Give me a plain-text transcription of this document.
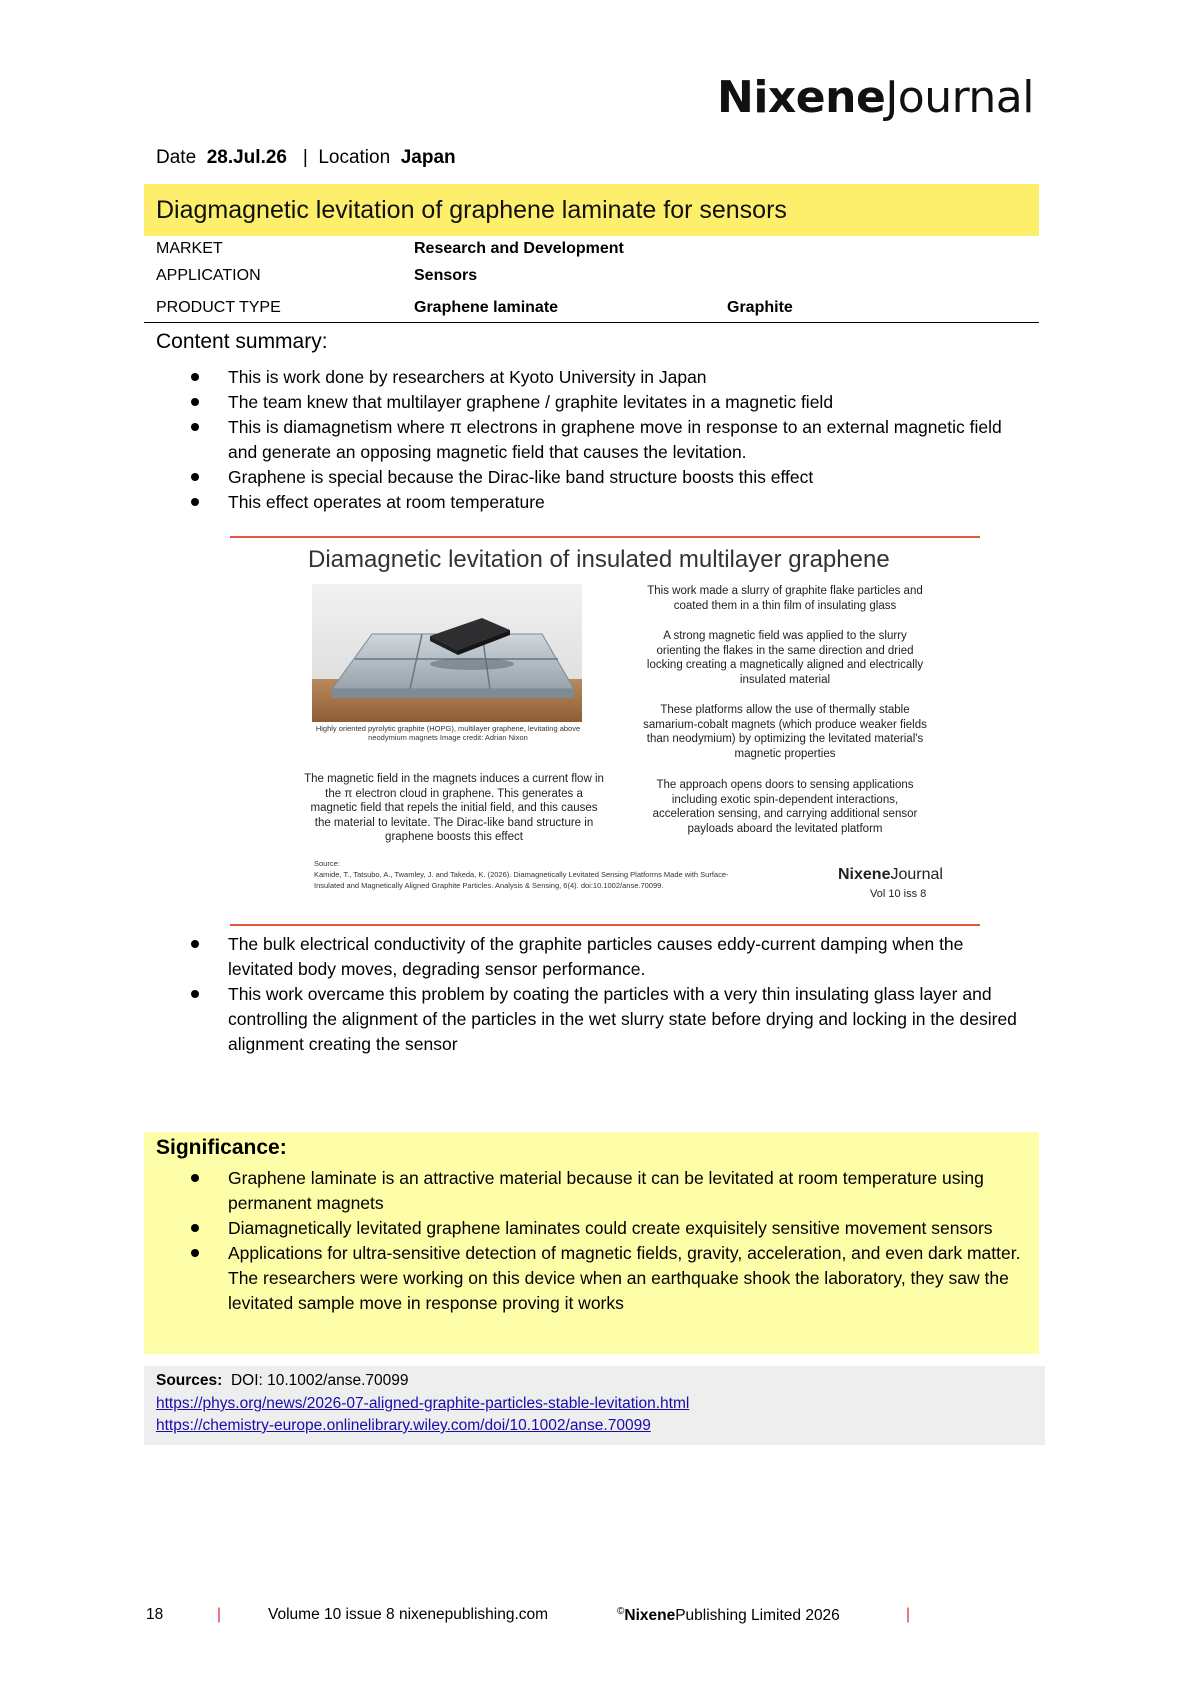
NixeneJournal
Date 28.Jul.26 | Location Japan
Diagmagnetic levitation of graphene laminate for sensors
MARKET	Research and Development
APPLICATION	Sensors
PRODUCT TYPE	Graphene laminate	Graphite
Content summary:
This is work done by researchers at Kyoto University in Japan
The team knew that multilayer graphene / graphite levitates in a magnetic field
This is diamagnetism where π electrons in graphene move in response to an external magnetic field and generate an opposing magnetic field that causes the levitation.
Graphene is special because the Dirac-like band structure boosts this effect
This effect operates at room temperature
Diamagnetic levitation of insulated multilayer graphene
Highly oriented pyrolytic graphite (HOPG), multilayer graphene, levitating above neodymium magnets Image credit: Adrian Nixon
The magnetic field in the magnets induces a current flow in the π electron cloud in graphene. This generates a magnetic field that repels the initial field, and this causes the material to levitate. The Dirac-like band structure in graphene boosts this effect
This work made a slurry of graphite flake particles and coated them in a thin film of insulating glass
A strong magnetic field was applied to the slurry orienting the flakes in the same direction and dried locking creating a magnetically aligned and electrically insulated material
These platforms allow the use of thermally stable samarium-cobalt magnets (which produce weaker fields than neodymium) by optimizing the levitated material's magnetic properties
The approach opens doors to sensing applications including exotic spin-dependent interactions, acceleration sensing, and carrying additional sensor payloads aboard the levitated platform
Source:
Kamide, T., Tatsubo, A., Twamley, J. and Takeda, K. (2026). Diamagnetically Levitated Sensing Platforms Made with Surface-Insulated and Magnetically Aligned Graphite Particles. Analysis & Sensing, 6(4). doi:10.1002/anse.70099.
NixeneJournal
Vol 10 iss 8
The bulk electrical conductivity of the graphite particles causes eddy-current damping when the levitated body moves, degrading sensor performance.
This work overcame this problem by coating the particles with a very thin insulating glass layer and controlling the alignment of the particles in the wet slurry state before drying and locking in the desired alignment creating the sensor
Significance:
Graphene laminate is an attractive material because it can be levitated at room temperature using permanent magnets
Diamagnetically levitated graphene laminates could create exquisitely sensitive movement sensors
Applications for ultra-sensitive detection of magnetic fields, gravity, acceleration, and even dark matter. The researchers were working on this device when an earthquake shook the laboratory, they saw the levitated sample move in response proving it works
Sources: DOI: 10.1002/anse.70099
https://phys.org/news/2026-07-aligned-graphite-particles-stable-levitation.html
https://chemistry-europe.onlinelibrary.wiley.com/doi/10.1002/anse.70099
18	|	Volume 10 issue 8 nixenepublishing.com	©NixenePublishing Limited 2026	|
